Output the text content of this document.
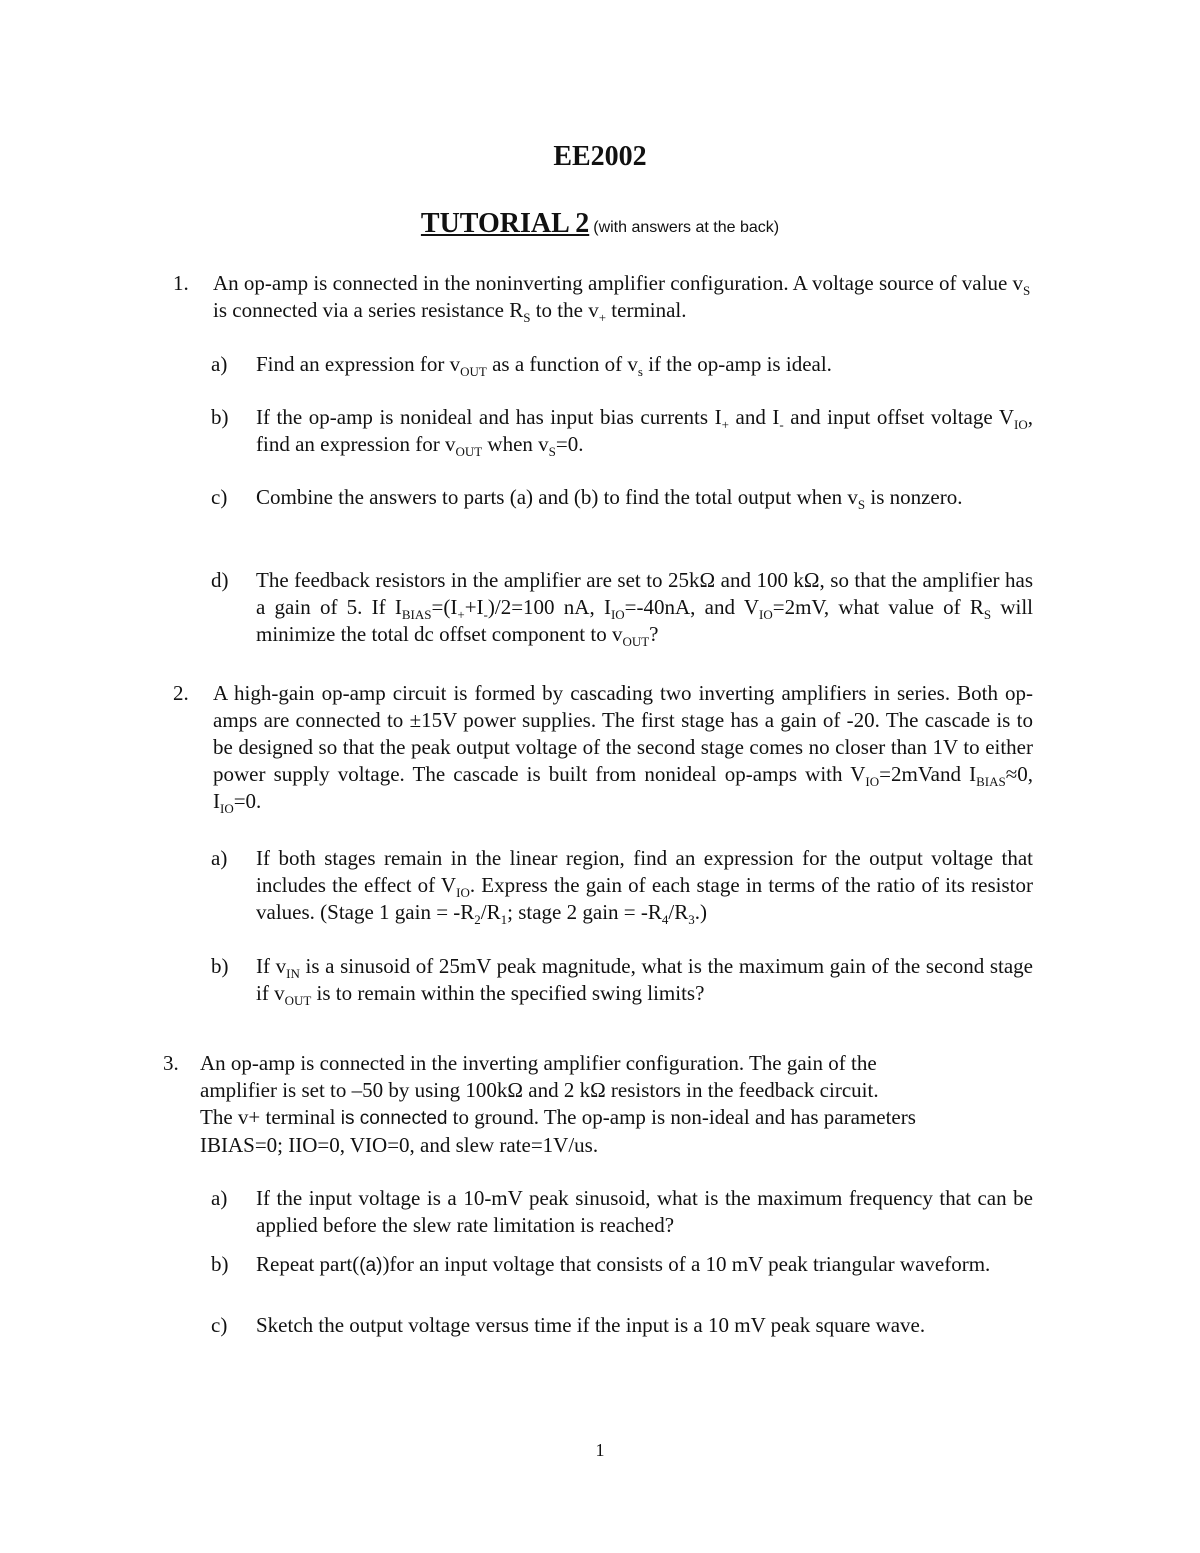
EE2002
TUTORIAL 2 (with answers at the back)
1. An op-amp is connected in the noninverting amplifier configuration. A voltage source of value $v_S$ is connected via a series resistance $R_S$ to the $v_+$ terminal.
a) Find an expression for $v_{OUT}$ as a function of $v_s$ if the op-amp is ideal.
b) If the op-amp is nonideal and has input bias currents $I_+$ and $I_-$ and input offset voltage $V_{IO}$, find an expression for $v_{OUT}$ when $v_S=0$.
c) Combine the answers to parts (a) and (b) to find the total output when $v_S$ is nonzero.
d) The feedback resistors in the amplifier are set to 25kΩ and 100 kΩ, so that the amplifier has a gain of 5. If $I_{BIAS}=(I_++I_-)/2=100$ nA, $I_{IO}=-40nA$, and $V_{IO}=2mV$, what value of $R_S$ will minimize the total dc offset component to $v_{OUT}$?
2. A high-gain op-amp circuit is formed by cascading two inverting amplifiers in series. Both op-amps are connected to ±15V power supplies. The first stage has a gain of -20. The cascade is to be designed so that the peak output voltage of the second stage comes no closer than 1V to either power supply voltage. The cascade is built from nonideal op-amps with $V_{IO}=2mVand$ $I_{BIAS}\approx 0$, $I_{IO}=0$.
a) If both stages remain in the linear region, find an expression for the output voltage that includes the effect of $V_{IO}$. Express the gain of each stage in terms of the ratio of its resistor values. (Stage 1 gain = $-R_2/R_1$; stage 2 gain = $-R_4/R_3$.)
b) If $v_{IN}$ is a sinusoid of 25mV peak magnitude, what is the maximum gain of the second stage if $v_{OUT}$ is to remain within the specified swing limits?
3. An op-amp is connected in the inverting amplifier configuration. The gain of the
amplifier is set to –50 by using 100kΩ and 2 kΩ resistors in the feedback circuit.
The v+ terminal is connected to ground. The op-amp is non-ideal and has parameters
IBIAS=0; IIO=0, VIO=0, and slew rate=1V/us.
a) If the input voltage is a 10-mV peak sinusoid, what is the maximum frequency that can be applied before the slew rate limitation is reached?
b) Repeat part((a))for an input voltage that consists of a 10 mV peak triangular waveform.
c) Sketch the output voltage versus time if the input is a 10 mV peak square wave.
1
